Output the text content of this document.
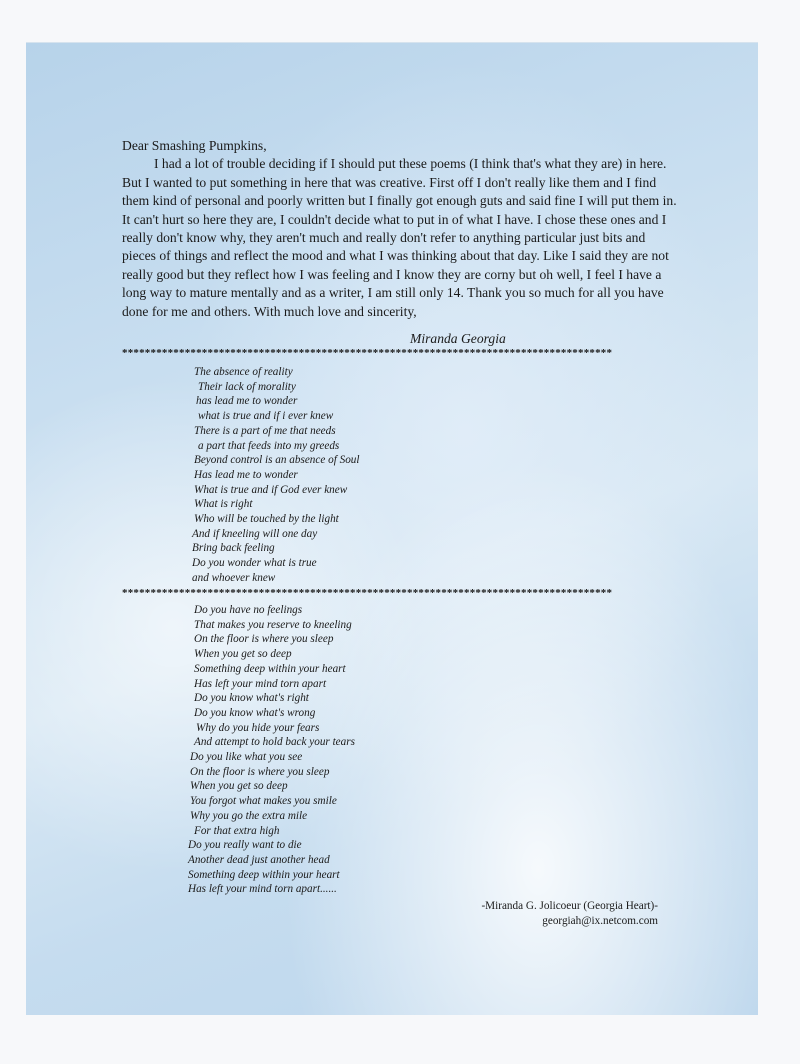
Dear Smashing Pumpkins,

I had a lot of trouble deciding if I should put these poems (I think that's what they are) in here. But I wanted to put something in here that was creative. First off I don't really like them and I find them kind of personal and poorly written but I finally got enough guts and said fine I will put them in. It can't hurt so here they are, I couldn't decide what to put in of what I have. I chose these ones and I really don't know why, they aren't much and really don't refer to anything particular just bits and pieces of things and reflect the mood and what I was thinking about that day. Like I said they are not really good but they reflect how I was feeling and I know they are corny but oh well, I feel I have a long way to mature mentally and as a writer, I am still only 14. Thank you so much for all you have done for me and others. With much love and sincerity,

Miranda Georgia
**************************************************************************************
The absence of reality
Their lack of morality
has lead me to wonder
what is true and if i ever knew
There is a part of me that needs
a part that feeds into my greeds
Beyond control is an absence of Soul
Has lead me to wonder
What is true and if God ever knew
What is right
Who will be touched by the light
And if kneeling will one day
Bring back feeling
Do you wonder what is true
and whoever knew
**************************************************************************************
Do you have no feelings
That makes you reserve to kneeling
On the floor is where you sleep
When you get so deep
Something deep within your heart
Has left your mind torn apart
Do you know what's right
Do you know what's wrong
Why do you hide your fears
And attempt to hold back your tears
Do you like what you see
On the floor is where you sleep
When you get so deep
You forgot what makes you smile
Why you go the extra mile
For that extra high
Do you really want to die
Another dead just another head
Something deep within your heart
Has left your mind torn apart......
-Miranda G. Jolicoeur (Georgia Heart)-
georgiah@ix.netcom.com
